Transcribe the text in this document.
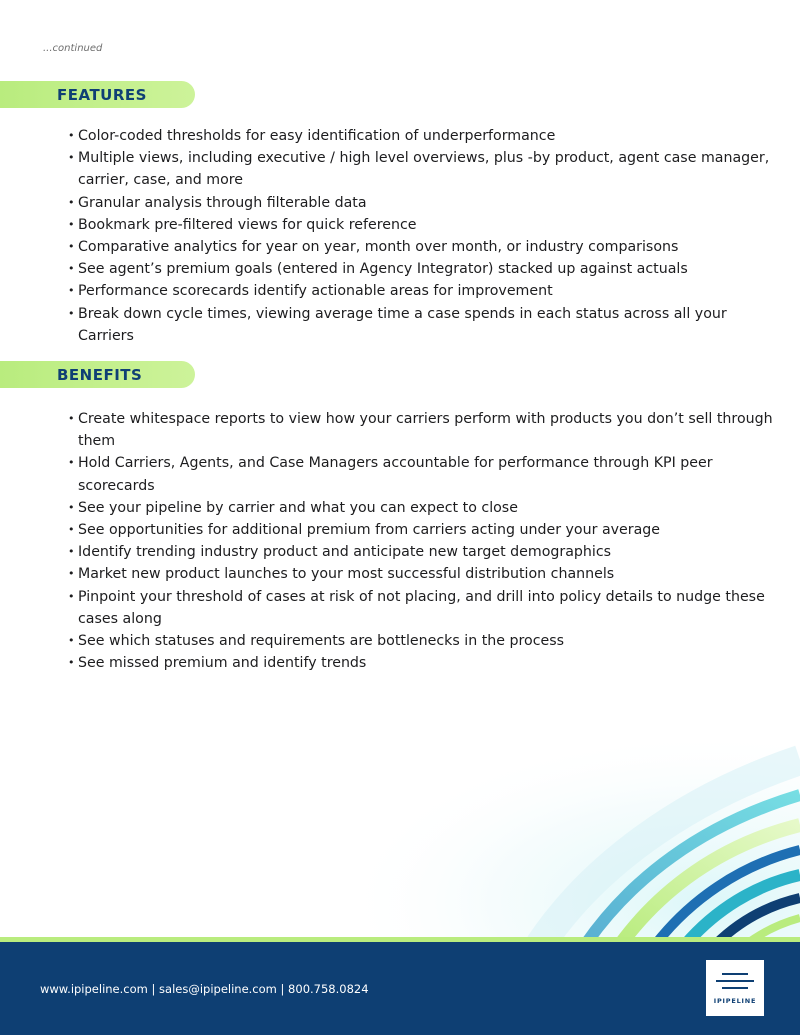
...continued
FEATURES
• Color-coded thresholds for easy identification of underperformance
• Multiple views, including executive / high level overviews, plus -by product, agent case manager, carrier, case, and more
• Granular analysis through filterable data
• Bookmark pre-filtered views for quick reference
• Comparative analytics for year on year, month over month, or industry comparisons
• See agent’s premium goals (entered in Agency Integrator) stacked up against actuals
• Performance scorecards identify actionable areas for improvement
• Break down cycle times, viewing average time a case spends in each status across all your Carriers
BENEFITS
• Create whitespace reports to view how your carriers perform with products you don’t sell through them
• Hold Carriers, Agents, and Case Managers accountable for performance through KPI peer scorecards
• See your pipeline by carrier and what you can expect to close
• See opportunities for additional premium from carriers acting under your average
• Identify trending industry product and anticipate new target demographics
• Market new product launches to your most successful distribution channels
• Pinpoint your threshold of cases at risk of not placing, and drill into policy details to nudge these cases along
• See which statuses and requirements are bottlenecks in the process
• See missed premium and identify trends
www.ipipeline.com | sales@ipipeline.com | 800.758.0824
IPIPELINE
